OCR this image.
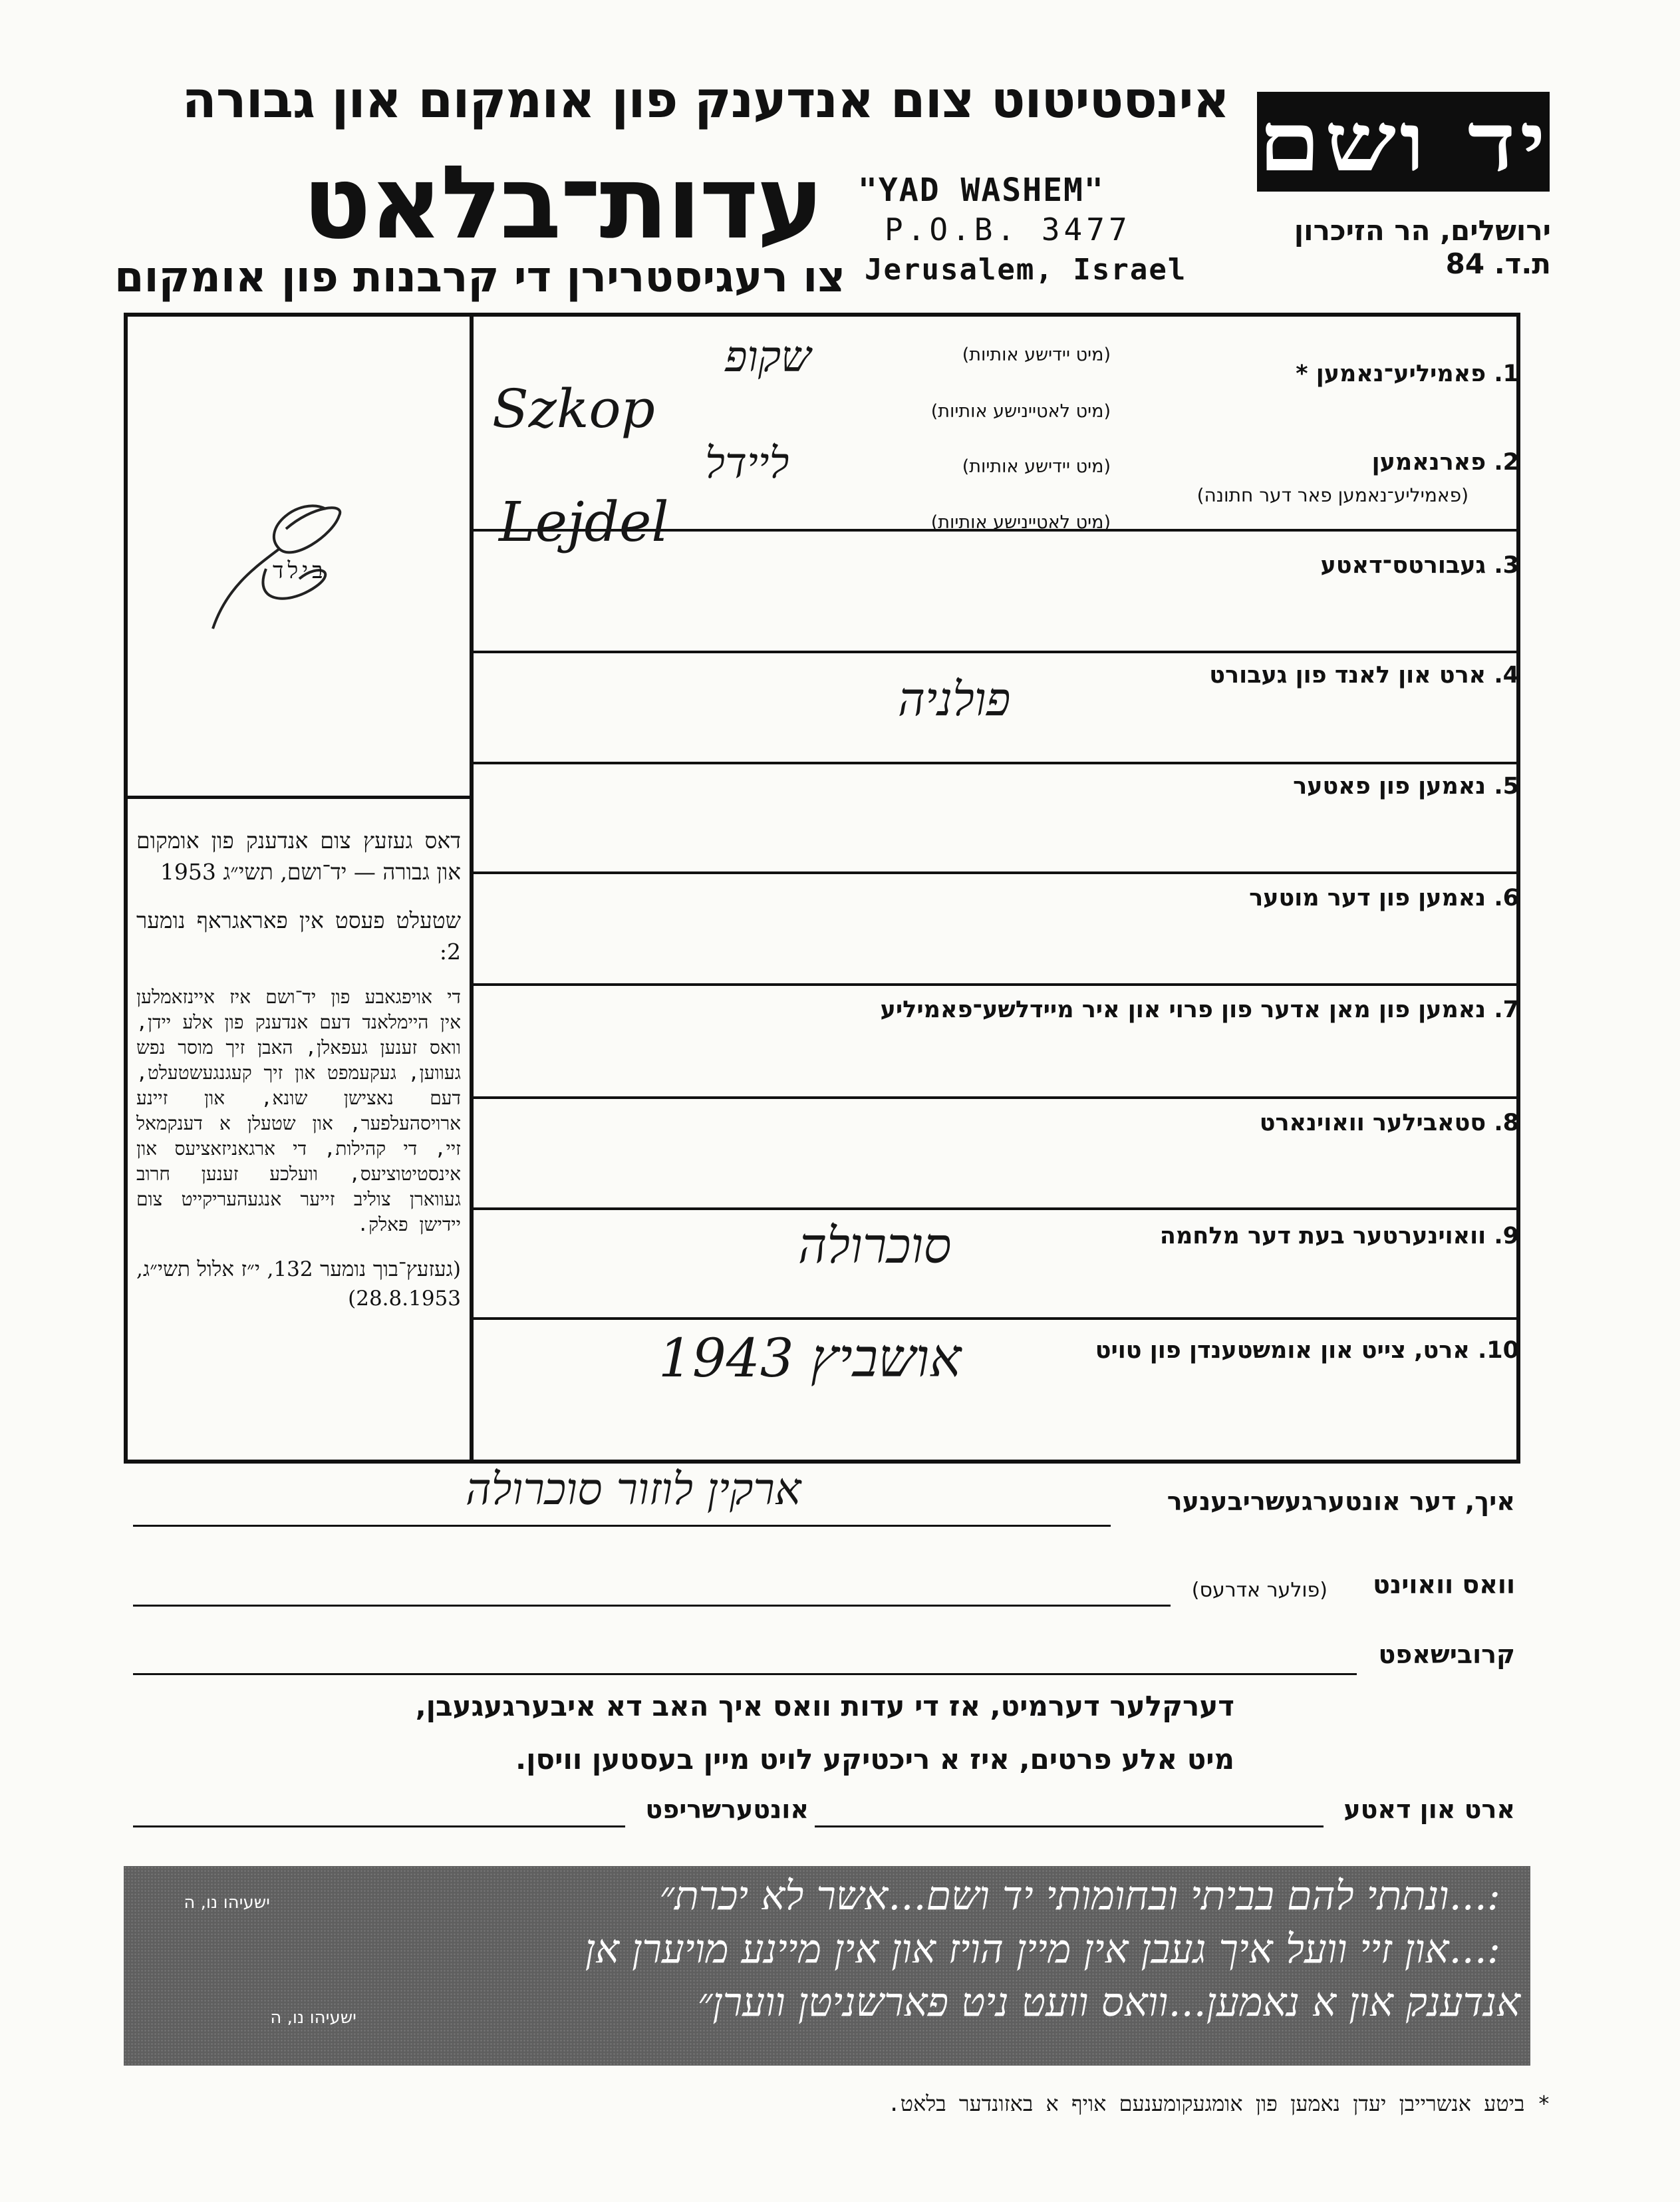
יד ושם
אינסטיטוט צום אנדענק פון אומקום און גבורה
עדות־בלאט
צו רעגיסטרירן די קרבנות פון אומקום
"YAD WASHEM"
P.O.B. 3477
Jerusalem, Israel
ירושלים, הר הזיכרון
ת.ד. 84
בילד

דאס געזעץ צום אנדענק פון אומקום און גבורה — יד־ושם, תשי״ג 1953

שטעלט פעסט אין פאראגראף נומער 2:

די אויפגאבע פון יד־ושם איז איינזאמלען אין היימלאנד דעם אנדענק פון אלע יידן, וואס זענען געפאלן, האבן זיך מוסר נפש געווען, געקעמפט און זיך קעגנגעשטעלט, דעם נאצישן שונא, און זיינע ארויסהעלפער, און שטעלן א דענקמאל זיי, די קהילות, די ארגאניזאציעס און אינסטיטוציעס, וועלכע זענען חרוב געווארן צוליב זייער אנגעהעריקייט צום יידישן פאלק.

(געזעץ־בוך נומער 132, י״ז אלול תשי״ג, 28.8.1953)

1. פאמיליע־נאמען *
(מיט יידישע אותיות)
(מיט לאטיינישע אותיות)
שקופ
Szkop
2. פארנאמען
(פאמיליע־נאמען פאר דער חתונה)
(מיט יידישע אותיות)
(מיט לאטיינישע אותיות)
ליידל
Lejdel
3. געבורטס־דאטע
4. ארט און לאנד פון געבורט
פולניה
5. נאמען פון פאטער
6. נאמען פון דער מוטער
7. נאמען פון מאן אדער פון פרוי און איר מיידלשע־פאמיליע
8. סטאבילער וואוינארט
9. וואוינערטער בעת דער מלחמה
סוכרולה
10. ארט, צייט און אומשטענדן פון טויט
אושביץ 1943
איך, דער אונטערגעשריבענער
ארקין לוזור סוכרולה
וואס וואוינט
(פולער אדרעס)
קרובישאפט
דערקלער דערמיט, אז די עדות וואס איך האב דא איבערגעגעבן,
מיט אלע פרטים, איז א ריכטיקע לויט מיין בעסטען וויסן.
ארט און דאטע
אונטערשריפט
:...ונתתי להם בביתי ובחומותי יד ושם...אשר לא יכרת״
ישעיהו נו, ה
:...און זיי וועל איך געבן אין מיין הויז און אין מיינע מויערן אן
אנדענק און א נאמען...וואס וועט ניט פארשניטן ווערן״
ישעיהו נו, ה
* ביטע אנשרייבן יעדן נאמען פון אומגעקומענעם אויף א באזונדער בלאט.
